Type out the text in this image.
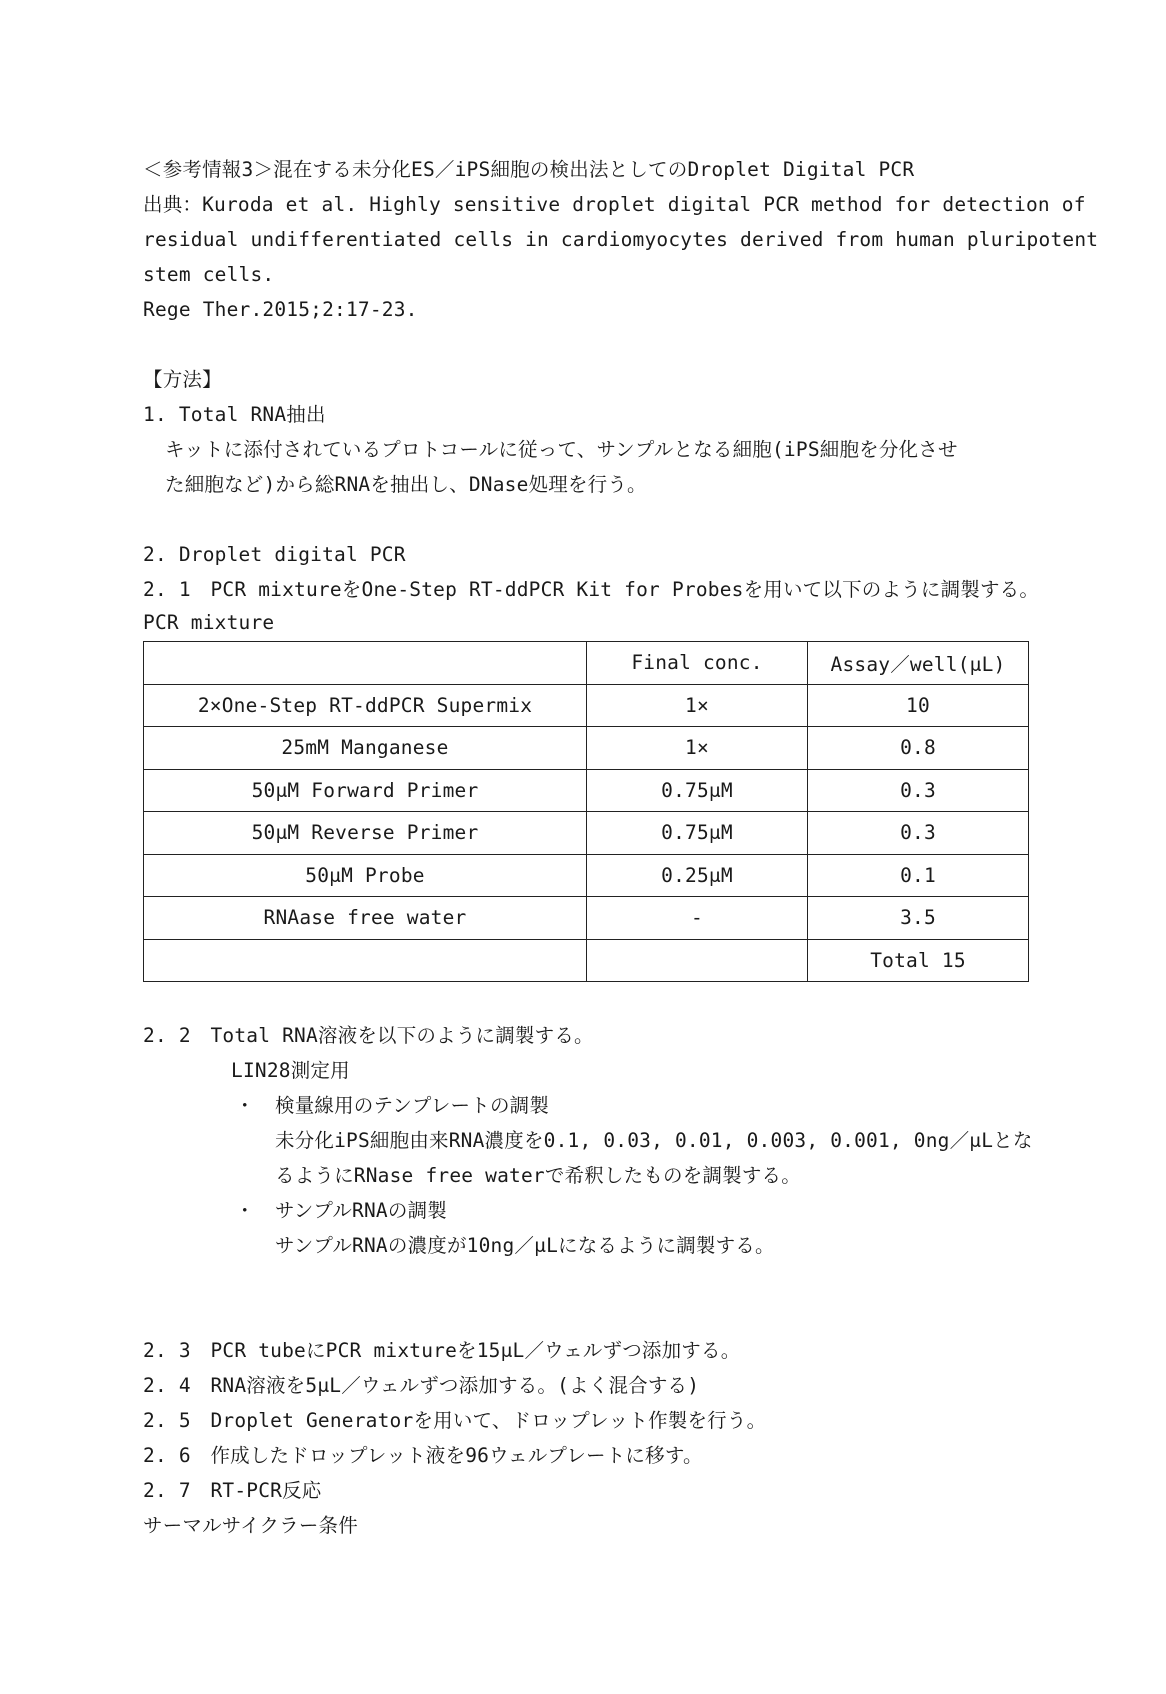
＜参考情報3＞混在する未分化ES／iPS細胞の検出法としてのDroplet Digital PCR
出典：Kuroda et al. Highly sensitive droplet digital PCR method for detection of
residual undifferentiated cells in cardiomyocytes derived from human pluripotent
stem cells.
Rege Ther.2015;2:17-23.
【方法】
1. Total RNA抽出
キットに添付されているプロトコールに従って、サンプルとなる細胞(iPS細胞を分化させ
た細胞など)から総RNAを抽出し、DNase処理を行う。
2. Droplet digital PCR
2. 1　PCR mixtureをOne-Step RT-ddPCR Kit for Probesを用いて以下のように調製する。
PCR mixture
	Final conc.	Assay／well(μL)
2×One-Step RT-ddPCR Supermix	1×	10
25mM Manganese	1×	0.8
50μM Forward Primer	0.75μM	0.3
50μM Reverse Primer	0.75μM	0.3
50μM Probe	0.25μM	0.1
RNAase free water	-	3.5
		Total 15
2. 2　Total RNA溶液を以下のように調製する。
LIN28測定用
・ 検量線用のテンプレートの調製
未分化iPS細胞由来RNA濃度を0.1, 0.03, 0.01, 0.003, 0.001, 0ng／μLとな
るようにRNase free waterで希釈したものを調製する。
・ サンプルRNAの調製
サンプルRNAの濃度が10ng／μLになるように調製する。
2. 3　PCR tubeにPCR mixtureを15μL／ウェルずつ添加する。
2. 4　RNA溶液を5μL／ウェルずつ添加する。(よく混合する)
2. 5　Droplet Generatorを用いて、ドロップレット作製を行う。
2. 6　作成したドロップレット液を96ウェルプレートに移す。
2. 7　RT-PCR反応
サーマルサイクラー条件
